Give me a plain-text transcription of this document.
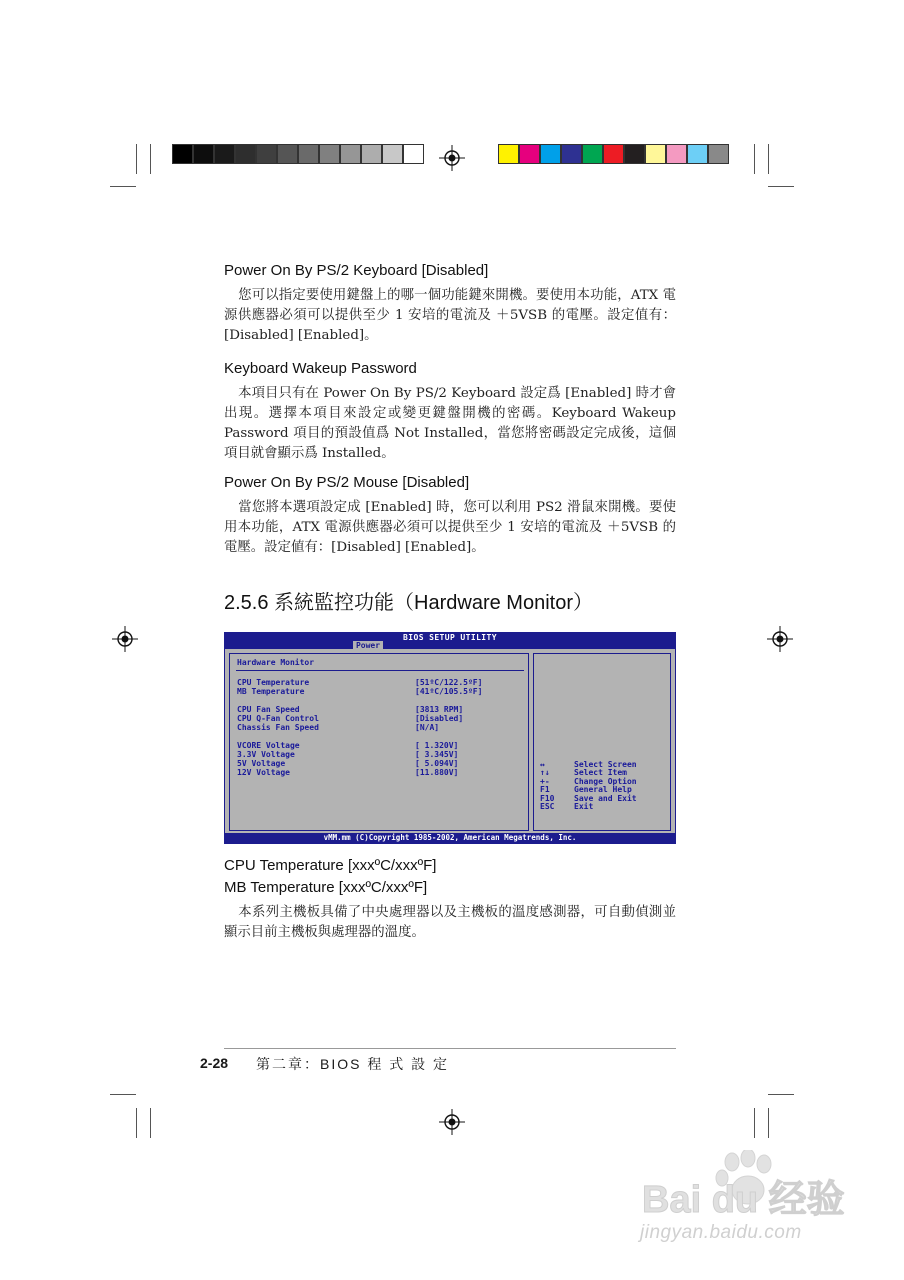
Power On By PS/2 Keyboard [Disabled]
您可以指定要使用鍵盤上的哪一個功能鍵來開機。要使用本功能，ATX 電源供應器必須可以提供至少 1 安培的電流及 ＋5VSB 的電壓。設定值有：[Disabled] [Enabled]。
Keyboard Wakeup Password
本項目只有在 Power On By PS/2 Keyboard 設定爲 [Enabled] 時才會出現。選擇本項目來設定或變更鍵盤開機的密碼。Keyboard Wakeup Password 項目的預設值爲 Not Installed，當您將密碼設定完成後，這個項目就會顯示爲 Installed。
Power On By PS/2 Mouse [Disabled]
當您將本選項設定成 [Enabled] 時，您可以利用 PS2 滑鼠來開機。要使用本功能，ATX 電源供應器必須可以提供至少 1 安培的電流及 ＋5VSB 的電壓。設定値有：[Disabled] [Enabled]。
2.5.6 系統監控功能（Hardware Monitor）
BIOS SETUP UTILITY
Power
Hardware Monitor
CPU Temperature	[51ºC/122.5ºF]
MB Temperature	[41ºC/105.5ºF]
CPU Fan Speed	[3813 RPM]
CPU Q-Fan Control	[Disabled]
Chassis Fan Speed	[N/A]
VCORE Voltage	[ 1.320V]
3.3V Voltage	[ 3.345V]
5V Voltage	[ 5.094V]
12V Voltage	[11.880V]
↔	Select Screen
↑↓	Select Item
+-	Change Option
F1	General Help
F10 Save and Exit
ESC Exit
vMM.mm (C)Copyright 1985-2002, American Megatrends, Inc.
CPU Temperature [xxxºC/xxxºF]
MB Temperature [xxxºC/xxxºF]
本系列主機板具備了中央處理器以及主機板的溫度感測器，可自動偵測並顯示目前主機板與處理器的溫度。
2-28 第二章：BIOS 程 式 設 定
Bai du 经验
jingyan.baidu.com
